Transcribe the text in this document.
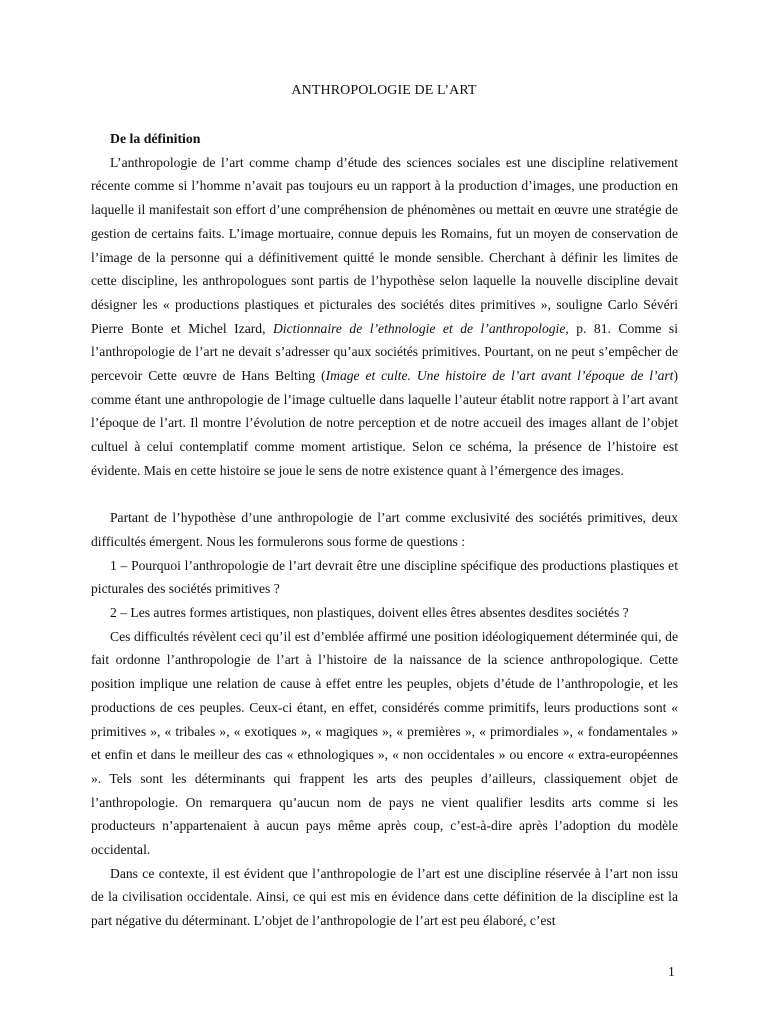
ANTHROPOLOGIE DE L’ART
De la définition

L’anthropologie de l’art comme champ d’étude des sciences sociales est une discipline relativement récente comme si l’homme n’avait pas toujours eu un rapport à la production d’images, une production en laquelle il manifestait son effort d’une compréhension de phénomènes ou mettait en œuvre une stratégie de gestion de certains faits. L’image mortuaire, connue depuis les Romains, fut un moyen de conservation de l’image de la personne qui a définitivement quitté le monde sensible. Cherchant à définir les limites de cette discipline, les anthropologues sont partis de l’hypothèse selon laquelle la nouvelle discipline devait désigner les « productions plastiques et picturales des sociétés dites primitives », souligne Carlo Sévéri Pierre Bonte et Michel Izard, Dictionnaire de l’ethnologie et de l’anthropologie, p. 81. Comme si l’anthropologie de l’art ne devait s’adresser qu’aux sociétés primitives. Pourtant, on ne peut s’empêcher de percevoir Cette œuvre de Hans Belting (Image et culte. Une histoire de l’art avant l’époque de l’art) comme étant une anthropologie de l’image cultuelle dans laquelle l’auteur établit notre rapport à l’art avant l’époque de l’art. Il montre l’évolution de notre perception et de notre accueil des images allant de l’objet cultuel à celui contemplatif comme moment artistique. Selon ce schéma, la présence de l’histoire est évidente. Mais en cette histoire se joue le sens de notre existence quant à l’émergence des images.

Partant de l’hypothèse d’une anthropologie de l’art comme exclusivité des sociétés primitives, deux difficultés émergent. Nous les formulerons sous forme de questions :

1 – Pourquoi l’anthropologie de l’art devrait être une discipline spécifique des productions plastiques et picturales des sociétés primitives ?

2 – Les autres formes artistiques, non plastiques, doivent elles êtres absentes desdites sociétés ?

Ces difficultés révèlent ceci qu’il est d’emblée affirmé une position idéologiquement déterminée qui, de fait ordonne l’anthropologie de l’art à l’histoire de la naissance de la science anthropologique. Cette position implique une relation de cause à effet entre les peuples, objets d’étude de l’anthropologie, et les productions de ces peuples. Ceux-ci étant, en effet, considérés comme primitifs, leurs productions sont « primitives », « tribales », « exotiques », « magiques », « premières », « primordiales », « fondamentales » et enfin et dans le meilleur des cas « ethnologiques », « non occidentales » ou encore « extra-européennes ». Tels sont les déterminants qui frappent les arts des peuples d’ailleurs, classiquement objet de l’anthropologie. On remarquera qu’aucun nom de pays ne vient qualifier lesdits arts comme si les producteurs n’appartenaient à aucun pays même après coup, c’est-à-dire après l’adoption du modèle occidental.

Dans ce contexte, il est évident que l’anthropologie de l’art est une discipline réservée à l’art non issu de la civilisation occidentale. Ainsi, ce qui est mis en évidence dans cette définition de la discipline est la part négative du déterminant. L’objet de l’anthropologie de l’art est peu élaboré, c’est

1
